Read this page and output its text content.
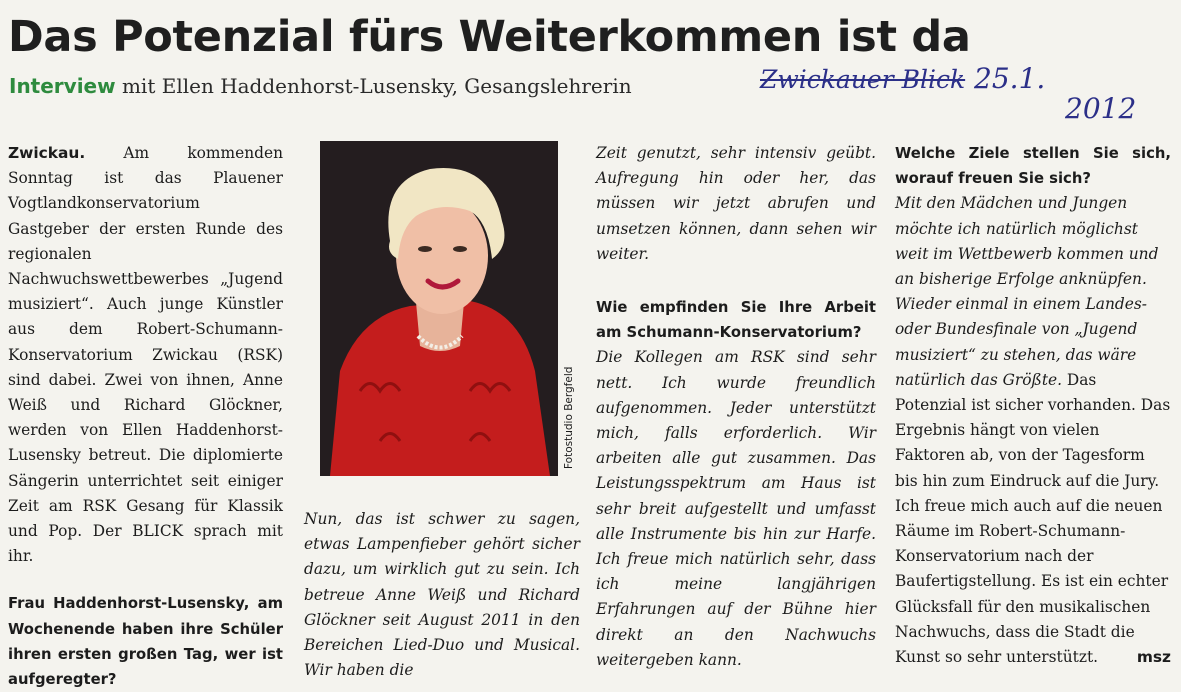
Das Potenzial fürs Weiterkommen ist da
Interview mit Ellen Haddenhorst-Lusensky, Gesangslehrerin	Zwickauer Blick 25.1.
2012

Zwickau. Am kommenden Sonntag ist das Plauener Vogtlandkonservatorium Gastgeber der ersten Runde des regionalen Nachwuchswettbewerbes „Jugend musiziert“. Auch junge Künstler aus dem Robert-Schumann-Konservatorium Zwickau (RSK) sind dabei. Zwei von ihnen, Anne Weiß und Richard Glöckner, werden von Ellen Haddenhorst-Lusensky betreut. Die diplomierte Sängerin unterrichtet seit einiger Zeit am RSK Gesang für Klassik und Pop. Der BLICK sprach mit ihr.

Frau Haddenhorst-Lusensky, am Wochenende haben ihre Schüler ihren ersten großen Tag, wer ist aufgeregter?

Fotostudio Bergfeld

Nun, das ist schwer zu sagen, etwas Lampenfieber gehört sicher dazu, um wirklich gut zu sein. Ich betreue Anne Weiß und Richard Glöckner seit August 2011 in den Bereichen Lied-Duo und Musical. Wir haben die

Zeit genutzt, sehr intensiv geübt. Aufregung hin oder her, das müssen wir jetzt abrufen und umsetzen können, dann sehen wir weiter.

Wie empfinden Sie Ihre Arbeit am Schumann-Konservatorium?

Die Kollegen am RSK sind sehr nett. Ich wurde freundlich aufgenommen. Jeder unterstützt mich, falls erforderlich. Wir arbeiten alle gut zusammen. Das Leistungsspektrum am Haus ist sehr breit aufgestellt und umfasst alle Instrumente bis hin zur Harfe. Ich freue mich natürlich sehr, dass ich meine langjährigen Erfahrungen auf der Bühne hier direkt an den Nachwuchs weitergeben kann.

Welche Ziele stellen Sie sich, worauf freuen Sie sich?

Mit den Mädchen und Jungen möchte ich natürlich möglichst weit im Wettbewerb kommen und an bisherige Erfolge anknüpfen. Wieder einmal in einem Landes- oder Bundesfinale von „Jugend musiziert“ zu stehen, das wäre natürlich das Größte.

Das Potenzial ist sicher vorhanden. Das Ergebnis hängt von vielen Faktoren ab, von der Tagesform bis hin zum Eindruck auf die Jury. Ich freue mich auch auf die neuen Räume im Robert-Schumann-Konservatorium nach der Baufertigstellung. Es ist ein echter Glücksfall für den musikalischen Nachwuchs, dass die Stadt die Kunst so sehr unterstützt.	msz
